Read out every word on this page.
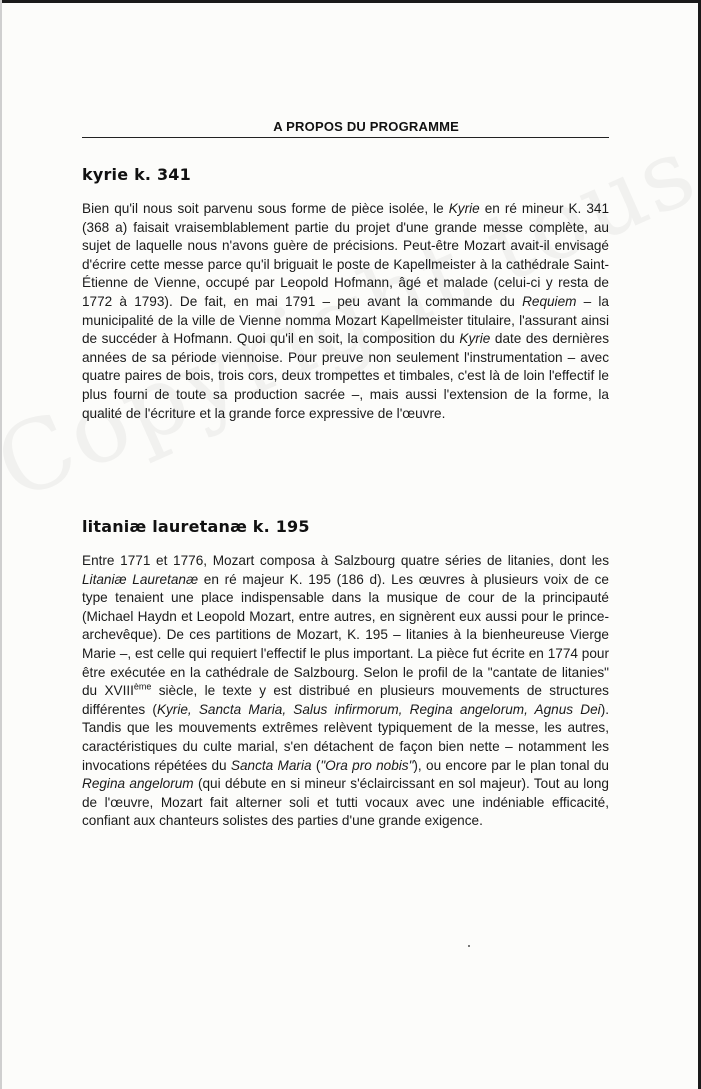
A PROPOS DU PROGRAMME
kyrie k. 341
Bien qu'il nous soit parvenu sous forme de pièce isolée, le Kyrie en ré mineur K. 341 (368 a) faisait vraisemblablement partie du projet d'une grande messe complète, au sujet de laquelle nous n'avons guère de précisions. Peut-être Mozart avait-il envisagé d'écrire cette messe parce qu'il briguait le poste de Kapellmeister à la cathédrale Saint-Étienne de Vienne, occupé par Leopold Hofmann, âgé et malade (celui-ci y resta de 1772 à 1793). De fait, en mai 1791 – peu avant la commande du Requiem – la municipalité de la ville de Vienne nomma Mozart Kapellmeister titulaire, l'assurant ainsi de succéder à Hofmann. Quoi qu'il en soit, la composition du Kyrie date des dernières années de sa période viennoise. Pour preuve non seulement l'instrumentation – avec quatre paires de bois, trois cors, deux trompettes et timbales, c'est là de loin l'effectif le plus fourni de toute sa production sacrée –, mais aussi l'extension de la forme, la qualité de l'écriture et la grande force expressive de l'œuvre.
litaniæ lauretanæ k. 195
Entre 1771 et 1776, Mozart composa à Salzbourg quatre séries de litanies, dont les Litaniæ Lauretanæ en ré majeur K. 195 (186 d). Les œuvres à plusieurs voix de ce type tenaient une place indispensable dans la musique de cour de la principauté (Michael Haydn et Leopold Mozart, entre autres, en signèrent eux aussi pour le prince-archevêque). De ces partitions de Mozart, K. 195 – litanies à la bienheureuse Vierge Marie –, est celle qui requiert l'effectif le plus important. La pièce fut écrite en 1774 pour être exécutée en la cathédrale de Salzbourg. Selon le profil de la "cantate de litanies" du XVIIIème siècle, le texte y est distribué en plusieurs mouvements de structures différentes (Kyrie, Sancta Maria, Salus infirmorum, Regina angelorum, Agnus Dei). Tandis que les mouvements extrêmes relèvent typiquement de la messe, les autres, caractéristiques du culte marial, s'en détachent de façon bien nette – notamment les invocations répétées du Sancta Maria ("Ora pro nobis"), ou encore par le plan tonal du Regina angelorum (qui débute en si mineur s'éclaircissant en sol majeur). Tout au long de l'œuvre, Mozart fait alterner soli et tutti vocaux avec une indéniable efficacité, confiant aux chanteurs solistes des parties d'une grande exigence.
